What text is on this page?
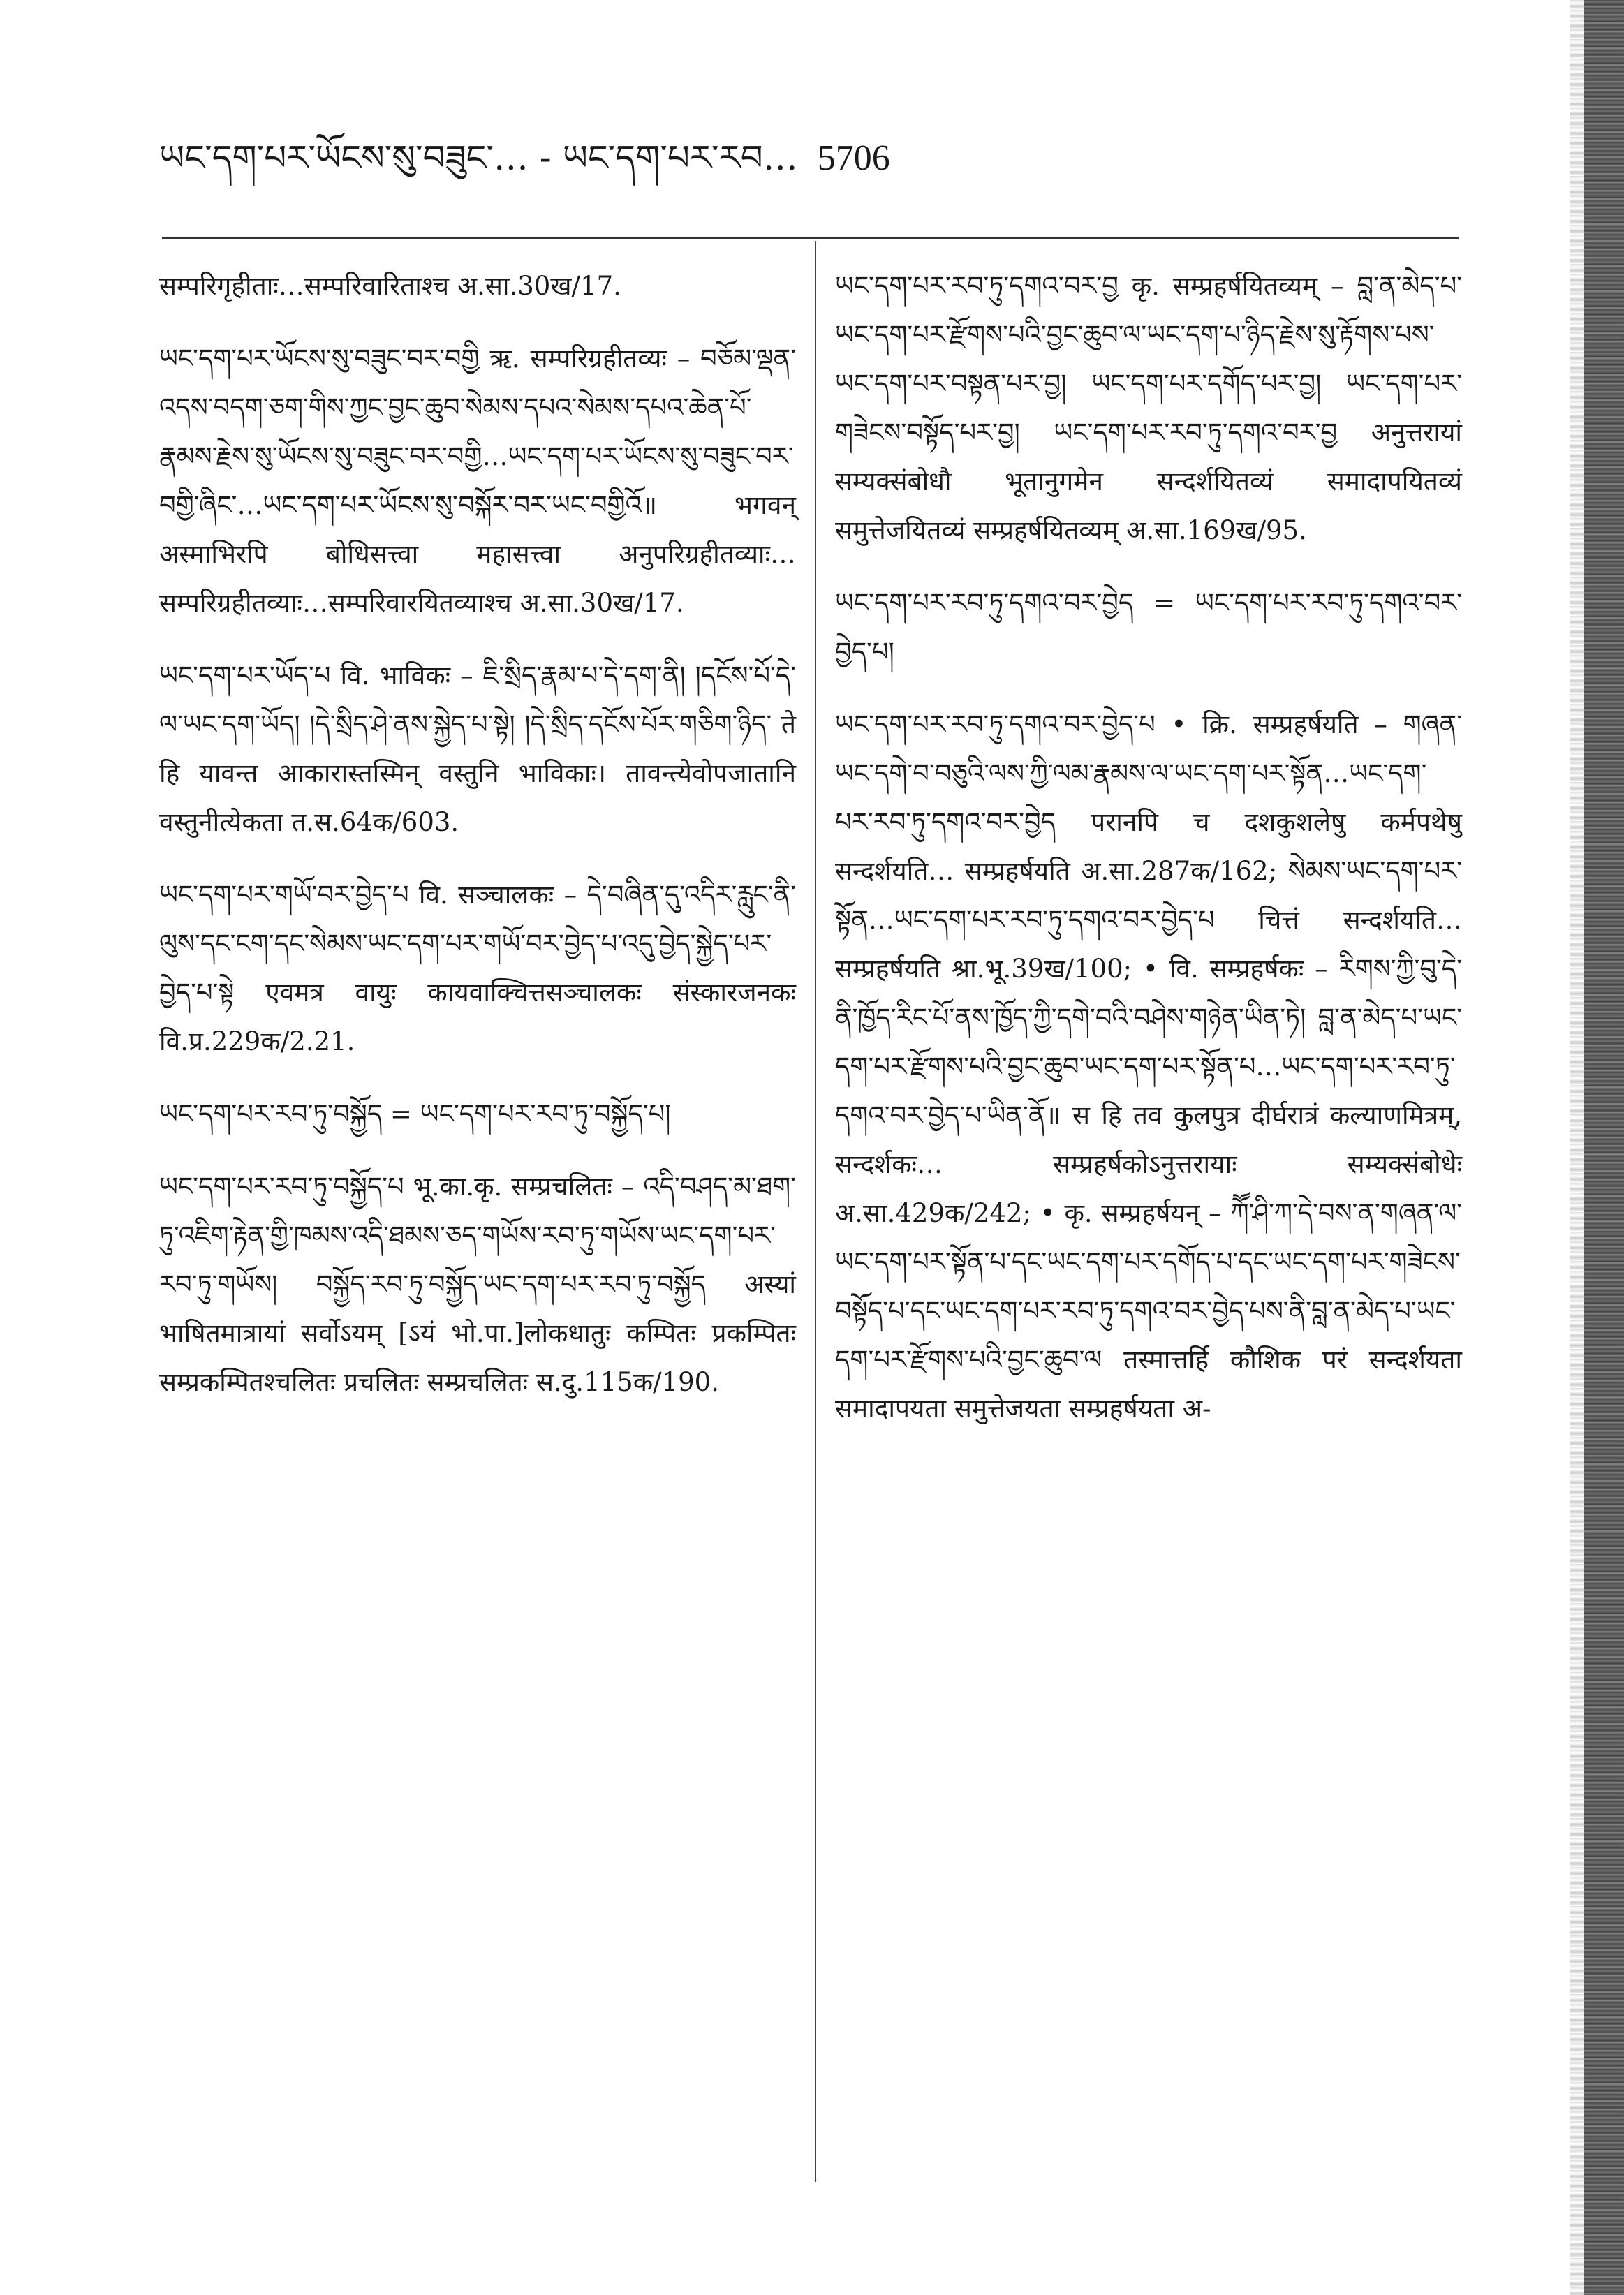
ཡང་དག་པར་ཡོངས་སུ་བཟུང་… - ཡང་དག་པར་རབ… 5706

सम्परिगृहीताः…सम्परिवारिताश्च अ.सा.30ख/17.

ཡང་དག་པར་ཡོངས་སུ་བཟུང་བར་བགྱི ऋ. सम्परिग्रहीतव्यः – བཅོམ་ལྡན་འདས་བདག་ཅག་གིས་ཀྱང་བྱང་ཆུབ་སེམས་དཔའ་སེམས་དཔའ་ཆེན་པོ་རྣམས་རྗེས་སུ་ཡོངས་སུ་བཟུང་བར་བགྱི…ཡང་དག་པར་ཡོངས་སུ་བཟུང་བར་བགྱི་ཞིང་…ཡང་དག་པར་ཡོངས་སུ་བསྐོར་བར་ཡང་བགྱིའོ॥ भगवन् अस्माभिरपि बोधिसत्त्वा महासत्त्वा अनुपरिग्रहीतव्याः…सम्परिग्रहीतव्याः…सम्परिवारयितव्याश्च अ.सा.30ख/17.

ཡང་དག་པར་ཡོད་པ वि. भाविकः – ཇི་སྲིད་རྣམ་པ་དེ་དག་ནི། །དངོས་པོ་དེ་ལ་ཡང་དག་ཡོད། །དེ་སྲིད་ཤེ་ནས་སྐྱེད་པ་སྟེ། །དེ་སྲིད་དངོས་པོར་གཅིག་ཉིད་ ते हि यावन्त आकारास्तस्मिन् वस्तुनि भाविकाः। तावन्त्येवोपजातानि वस्तुनीत्येकता त.स.64क/603.

ཡང་དག་པར་གཡོ་བར་བྱེད་པ वि. सञ्चालकः – དེ་བཞིན་དུ་འདིར་རླུང་ནི་ལུས་དང་ངག་དང་སེམས་ཡང་དག་པར་གཡོ་བར་བྱེད་པ་འདུ་བྱེད་སྐྱེད་པར་བྱེད་པ་སྟེ एवमत्र वायुः कायवाक्चित्तसञ्चालकः संस्कारजनकः वि.प्र.229क/2.21.

ཡང་དག་པར་རབ་ཏུ་བསྐྱོད = ཡང་དག་པར་རབ་ཏུ་བསྐྱོད་པ།

ཡང་དག་པར་རབ་ཏུ་བསྐྱོད་པ भू.का.कृ. सम्प्रचलितः – འདི་བཤད་མ་ཐག་ཏུ་འཇིག་རྟེན་གྱི་ཁམས་འདི་ཐམས་ཅད་གཡོས་རབ་ཏུ་གཡོས་ཡང་དག་པར་རབ་ཏུ་གཡོས། བསྐྱོད་རབ་ཏུ་བསྐྱོད་ཡང་དག་པར་རབ་ཏུ་བསྐྱོད अस्यां भाषितमात्रायां सर्वोऽयम् [ऽयं भो.पा.]लोकधातुः कम्पितः प्रकम्पितः सम्प्रकम्पितश्चलितः प्रचलितः सम्प्रचलितः स.दु.115क/190.

ཡང་དག་པར་རབ་ཏུ་དགའ་བར་བྱ कृ. सम्प्रहर्षयितव्यम् – བླ་ན་མེད་པ་ཡང་དག་པར་རྫོགས་པའི་བྱང་ཆུབ་ལ་ཡང་དག་པ་ཉིད་རྗེས་སུ་རྟོགས་པས་ཡང་དག་པར་བསྟན་པར་བྱ། ཡང་དག་པར་དགོད་པར་བྱ། ཡང་དག་པར་གཟེངས་བསྟོད་པར་བྱ། ཡང་དག་པར་རབ་ཏུ་དགའ་བར་བྱ अनुत्तरायां सम्यक्संबोधौ भूतानुगमेन सन्दर्शयितव्यं समादापयितव्यं समुत्तेजयितव्यं सम्प्रहर्षयितव्यम् अ.सा.169ख/95.

ཡང་དག་པར་རབ་ཏུ་དགའ་བར་བྱེད = ཡང་དག་པར་རབ་ཏུ་དགའ་བར་བྱེད་པ།

ཡང་དག་པར་རབ་ཏུ་དགའ་བར་བྱེད་པ • क्रि. सम्प्रहर्षयति – གཞན་ཡང་དགེ་བ་བཅུའི་ལས་ཀྱི་ལམ་རྣམས་ལ་ཡང་དག་པར་སྟོན…ཡང་དག་པར་རབ་ཏུ་དགའ་བར་བྱེད परानपि च दशकुशलेषु कर्मपथेषु सन्दर्शयति… सम्प्रहर्षयति अ.सा.287क/162; སེམས་ཡང་དག་པར་སྟོན…ཡང་དག་པར་རབ་ཏུ་དགའ་བར་བྱེད་པ चित्तं सन्दर्शयति… सम्प्रहर्षयति श्रा.भू.39ख/100; • वि. सम्प्रहर्षकः – རིགས་ཀྱི་བུ་དེ་ནི་ཁྱོད་རིང་པོ་ནས་ཁྱོད་ཀྱི་དགེ་བའི་བཤེས་གཉེན་ཡིན་ཏེ། བླ་ན་མེད་པ་ཡང་དག་པར་རྫོགས་པའི་བྱང་ཆུབ་ཡང་དག་པར་སྟོན་པ…ཡང་དག་པར་རབ་ཏུ་དགའ་བར་བྱེད་པ་ཡིན་ནོ॥ स हि तव कुलपुत्र दीर्घरात्रं कल्याणमित्रम्, सन्दर्शकः… सम्प्रहर्षकोऽनुत्तरायाः सम्यक्संबोधेः अ.सा.429क/242; • कृ. सम्प्रहर्षयन् – ཀཽ་ཤི་ཀ་དེ་བས་ན་གཞན་ལ་ཡང་དག་པར་སྟོན་པ་དང་ཡང་དག་པར་དགོད་པ་དང་ཡང་དག་པར་གཟེངས་བསྟོད་པ་དང་ཡང་དག་པར་རབ་ཏུ་དགའ་བར་བྱེད་པས་ནི་བླ་ན་མེད་པ་ཡང་དག་པར་རྫོགས་པའི་བྱང་ཆུབ་ལ तस्मात्तर्हि कौशिक परं सन्दर्शयता समादापयता समुत्तेजयता सम्प्रहर्षयता अ-
